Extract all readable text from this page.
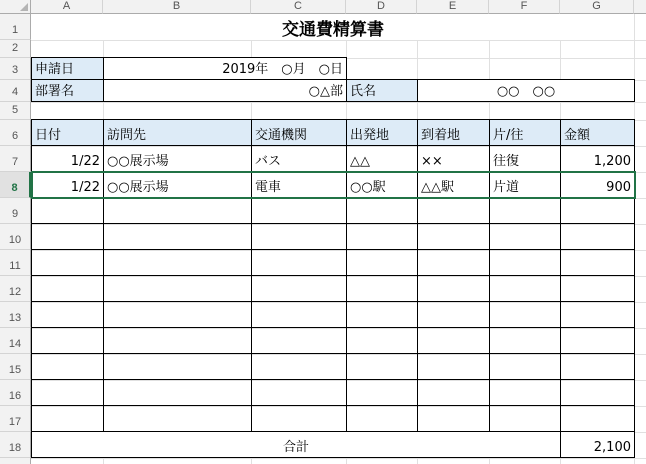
A	B	C	D	E	F	G
1
2
3
4
5
6
7
8
9
10
11
12
13
14
15
16
17
18
交通費精算書
申請日	2019年　○月　○日
部署名	○△部 氏名	○○　○○
日付	訪問先	交通機関	出発地	到着地	片/往	金額
1/22 ○○展示場	バス	△△	××	往復	1,200
1/22 ○○展示場	電車	○○駅	△△駅	片道	900
合計	2,100
